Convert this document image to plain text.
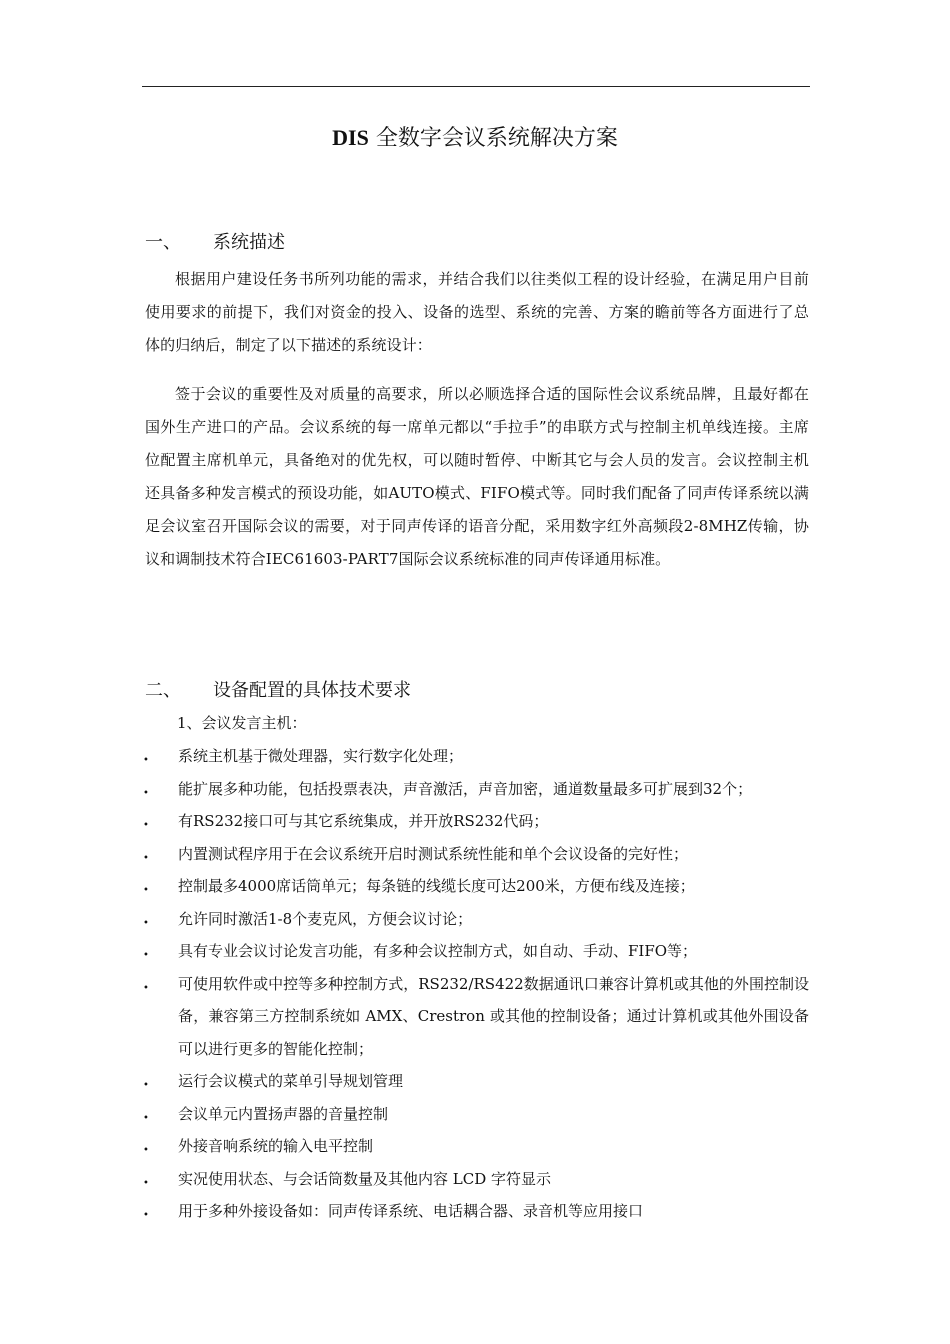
DIS 全数字会议系统解决方案
一、 系统描述
根据用户建设任务书所列功能的需求，并结合我们以往类似工程的设计经验，在满足用户目前使用要求的前提下，我们对资金的投入、设备的选型、系统的完善、方案的瞻前等各方面进行了总体的归纳后，制定了以下描述的系统设计：
签于会议的重要性及对质量的高要求，所以必顺选择合适的国际性会议系统品牌，且最好都在国外生产进口的产品。会议系统的每一席单元都以“手拉手”的串联方式与控制主机单线连接。主席位配置主席机单元，具备绝对的优先权，可以随时暂停、中断其它与会人员的发言。会议控制主机还具备多种发言模式的预设功能，如AUTO模式、FIFO模式等。同时我们配备了同声传译系统以满足会议室召开国际会议的需要，对于同声传译的语音分配，采用数字红外高频段2-8MHZ传输，协议和调制技术符合IEC61603-PART7国际会议系统标准的同声传译通用标准。
二、 设备配置的具体技术要求
1、会议发言主机：
• 系统主机基于微处理器，实行数字化处理；
• 能扩展多种功能，包括投票表决，声音激活，声音加密，通道数量最多可扩展到32个；
• 有RS232接口可与其它系统集成，并开放RS232代码；
• 内置测试程序用于在会议系统开启时测试系统性能和单个会议设备的完好性；
• 控制最多4000席话筒单元；每条链的线缆长度可达200米，方便布线及连接；
• 允许同时激活1-8个麦克风，方便会议讨论；
• 具有专业会议讨论发言功能，有多种会议控制方式，如自动、手动、FIFO等；
• 可使用软件或中控等多种控制方式，RS232/RS422数据通讯口兼容计算机或其他的外围控制设备，兼容第三方控制系统如 AMX、Crestron 或其他的控制设备；通过计算机或其他外围设备可以进行更多的智能化控制；
• 运行会议模式的菜单引导规划管理
• 会议单元内置扬声器的音量控制
• 外接音响系统的输入电平控制
• 实况使用状态、与会话筒数量及其他内容 LCD 字符显示
• 用于多种外接设备如：同声传译系统、电话耦合器、录音机等应用接口
